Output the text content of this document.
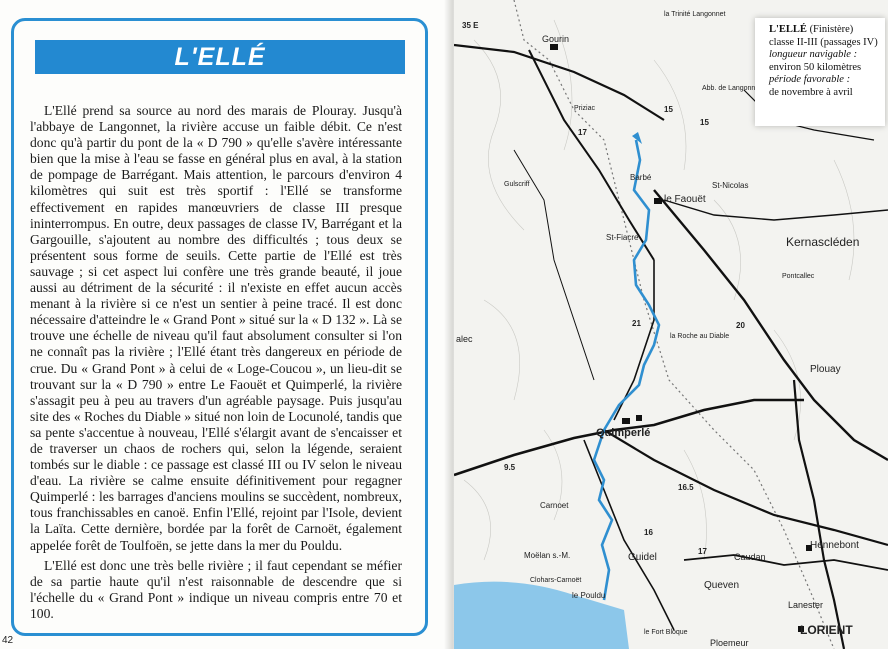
L'ELLÉ

L'Ellé prend sa source au nord des marais de Plouray. Jusqu'à l'abbaye de Langonnet, la rivière accuse un faible débit. Ce n'est donc qu'à partir du pont de la « D 790 » qu'elle s'avère intéressante bien que la mise à l'eau se fasse en général plus en aval, à la station de pompage de Barrégant. Mais attention, le parcours d'environ 4 kilomètres qui suit est très sportif : l'Ellé se transforme effectivement en rapides manœuvriers de classe III presque ininterrompus. En outre, deux passages de classe IV, Barrégant et la Gargouille, s'ajoutent au nombre des difficultés ; tous deux se présentent sous forme de seuils. Cette partie de l'Ellé est très sauvage ; si cet aspect lui confère une très grande beauté, il joue aussi au détriment de la sécurité : il n'existe en effet aucun accès menant à la rivière si ce n'est un sentier à peine tracé. Il est donc nécessaire d'atteindre le « Grand Pont » situé sur la « D 132 ». Là se trouve une échelle de niveau qu'il faut absolument consulter si l'on ne connaît pas la rivière ; l'Ellé étant très dangereux en période de crue. Du « Grand Pont » à celui de « Loge-Coucou », un lieu-dit se trouvant sur la « D 790 » entre Le Faouët et Quimperlé, la rivière s'assagit peu à peu au travers d'un agréable paysage. Puis jusqu'au site des « Roches du Diable » situé non loin de Locunolé, tandis que sa pente s'accentue à nouveau, l'Ellé s'élargit avant de s'encaisser et de traverser un chaos de rochers qui, selon la légende, seraient tombés sur le diable : ce passage est classé III ou IV selon le niveau d'eau. La rivière se calme ensuite définitivement pour regagner Quimperlé : les barrages d'anciens moulins se succèdent, nombreux, tous franchissables en canoë. Enfin l'Ellé, rejoint par l'Isole, devient la Laïta. Cette dernière, bordée par la forêt de Carnoët, également appelée forêt de Toulfoën, se jette dans la mer du Pouldu.

L'Ellé est donc une très belle rivière ; il faut cependant se méfier de sa partie haute qu'il n'est raisonnable de descendre que si l'échelle du « Grand Pont » indique un niveau compris entre 70 et 100.

42
Gourin
la Trinité Langonnet
Abb. de Langonn
Barbé
le Faouët
St-Nicolas
St-Fiacre	Kernascléden
la Roche au Diable
Plouay
Quimperlé
Carnoet
Moëlan s.-M.
Clohars-Carnoët
le Pouldu
Guidel
Queven
Caudan
Hennebont
Lanester
LORIENT
Ploemeur
le Fort Bloque
alec
Gulscriff
Priziac
Pontcallec
17
15
15
21	20
16
16.5
9.5
17
35 E	L'ELLÉ (Finistère)
classe II-III (passages IV)
longueur navigable :
environ 50 kilomètres
période favorable :
de novembre à avril
